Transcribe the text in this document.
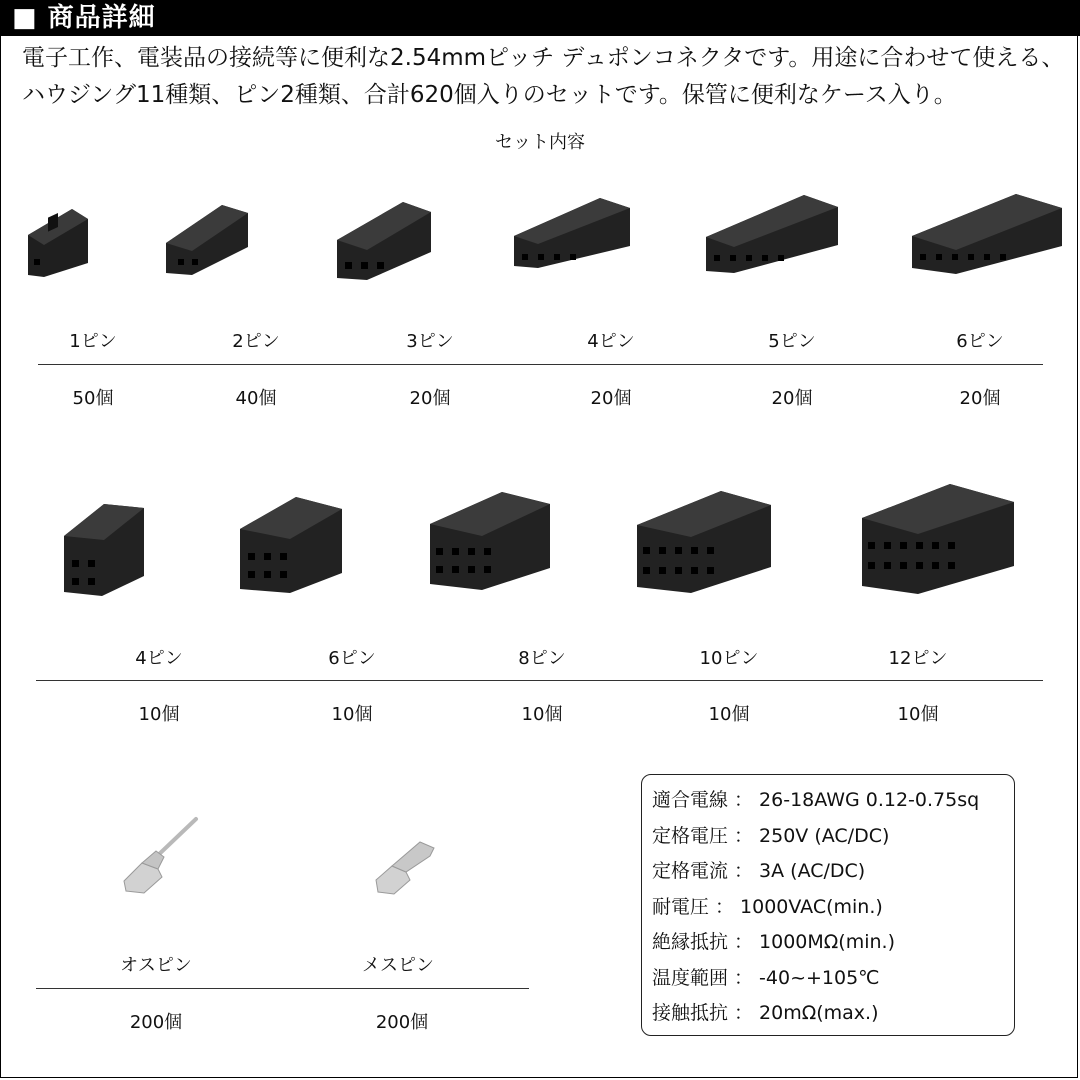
■ 商品詳細
電子工作、電装品の接続等に便利な2.54mmピッチ デュポンコネクタです。用途に合わせて使える、
ハウジング11種類、ピン2種類、合計620個入りのセットです。保管に便利なケース入り。
セット内容
1ピン	2ピン	3ピン	4ピン	5ピン	6ピン
50個	40個	20個	20個	20個	20個
4ピン	6ピン	8ピン	10ピン	12ピン
10個	10個	10個	10個	10個
オスピン	メスピン
200個	200個
適合電線 ： 26-18AWG 0.12-0.75sq
定格電圧 ： 250V (AC/DC)
定格電流 ： 3A (AC/DC)
耐電圧 ： 1000VAC(min.)
絶縁抵抗 ： 1000MΩ(min.)
温度範囲 ： -40~+105℃
接触抵抗 ： 20mΩ(max.)
